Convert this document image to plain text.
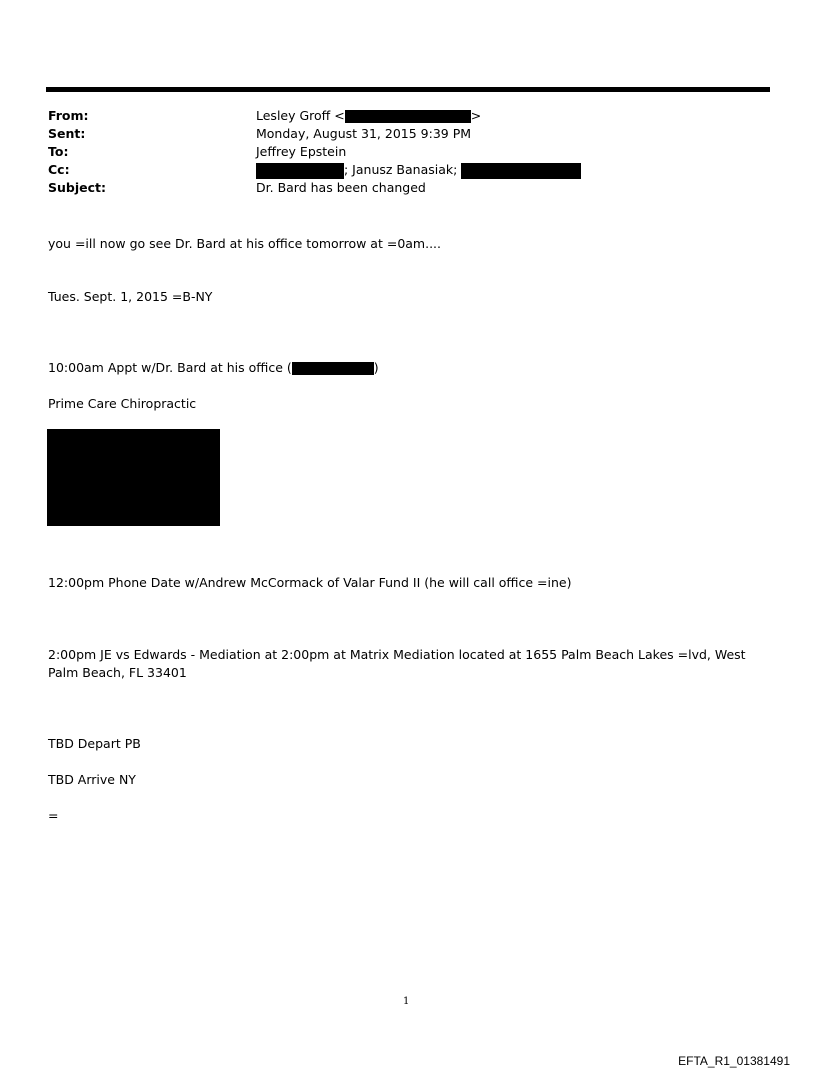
From:	Lesley Groff <	>
Sent:	Monday, August 31, 2015 9:39 PM
To:	Jeffrey Epstein
Cc:	; Janusz Banasiak;
Subject:	Dr. Bard has been changed
you =ill now go see Dr. Bard at his office tomorrow at =0am....
Tues. Sept. 1, 2015 =B-NY
10:00am Appt w/Dr. Bard at his office (	)
Prime Care Chiropractic
12:00pm Phone Date w/Andrew McCormack of Valar Fund II (he will call office =ine)
2:00pm JE vs Edwards - Mediation at 2:00pm at Matrix Mediation located at 1655 Palm Beach Lakes =lvd, West Palm Beach, FL 33401
TBD Depart PB
TBD Arrive NY
=
1
EFTA_R1_01381491
